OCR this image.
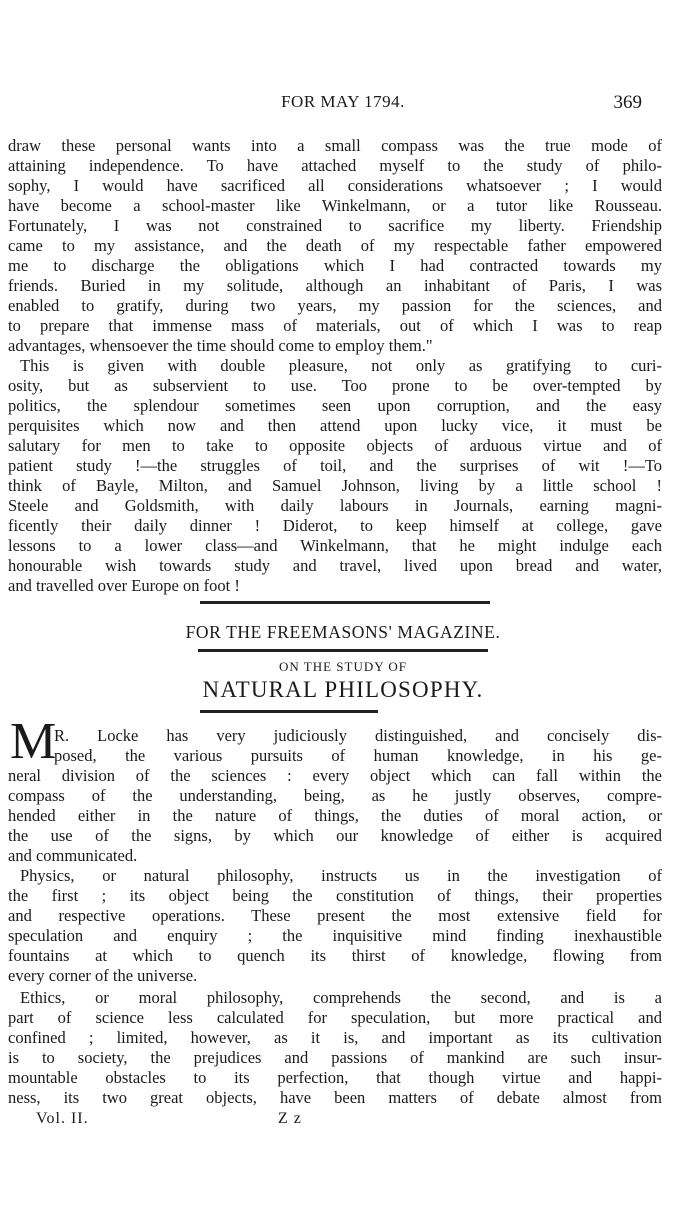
FOR MAY 1794.	369
draw these personal wants into a small compass was the true mode of
attaining independence. To have attached myself to the study of philo-
sophy, I would have sacrificed all considerations whatsoever ; I would
have become a school-master like Winkelmann, or a tutor like Rousseau.
Fortunately, I was not constrained to sacrifice my liberty. Friendship
came to my assistance, and the death of my respectable father empowered
me to discharge the obligations which I had contracted towards my
friends. Buried in my solitude, although an inhabitant of Paris, I was
enabled to gratify, during two years, my passion for the sciences, and
to prepare that immense mass of materials, out of which I was to reap
advantages, whensoever the time should come to employ them."
This is given with double pleasure, not only as gratifying to curi-
osity, but as subservient to use. Too prone to be over-tempted by
politics, the splendour sometimes seen upon corruption, and the easy
perquisites which now and then attend upon lucky vice, it must be
salutary for men to take to opposite objects of arduous virtue and of
patient study !—the struggles of toil, and the surprises of wit !—To
think of Bayle, Milton, and Samuel Johnson, living by a little school !
Steele and Goldsmith, with daily labours in Journals, earning magni-
ficently their daily dinner ! Diderot, to keep himself at college, gave
lessons to a lower class—and Winkelmann, that he might indulge each
honourable wish towards study and travel, lived upon bread and water,
and travelled over Europe on foot !
FOR THE FREEMASONS' MAGAZINE.
ON THE STUDY OF
NATURAL PHILOSOPHY.
M
R. Locke has very judiciously distinguished, and concisely dis-
posed, the various pursuits of human knowledge, in his ge-
neral division of the sciences : every object which can fall within the
compass of the understanding, being, as he justly observes, compre-
hended either in the nature of things, the duties of moral action, or
the use of the signs, by which our knowledge of either is acquired
and communicated.
Physics, or natural philosophy, instructs us in the investigation of
the first ; its object being the constitution of things, their properties
and respective operations. These present the most extensive field for
speculation and enquiry ; the inquisitive mind finding inexhaustible
fountains at which to quench its thirst of knowledge, flowing from
every corner of the universe.
Ethics, or moral philosophy, comprehends the second, and is a
part of science less calculated for speculation, but more practical and
confined ; limited, however, as it is, and important as its cultivation
is to society, the prejudices and passions of mankind are such insur-
mountable obstacles to its perfection, that though virtue and happi-
ness, its two great objects, have been matters of debate almost from
Vol. II.	Z z
